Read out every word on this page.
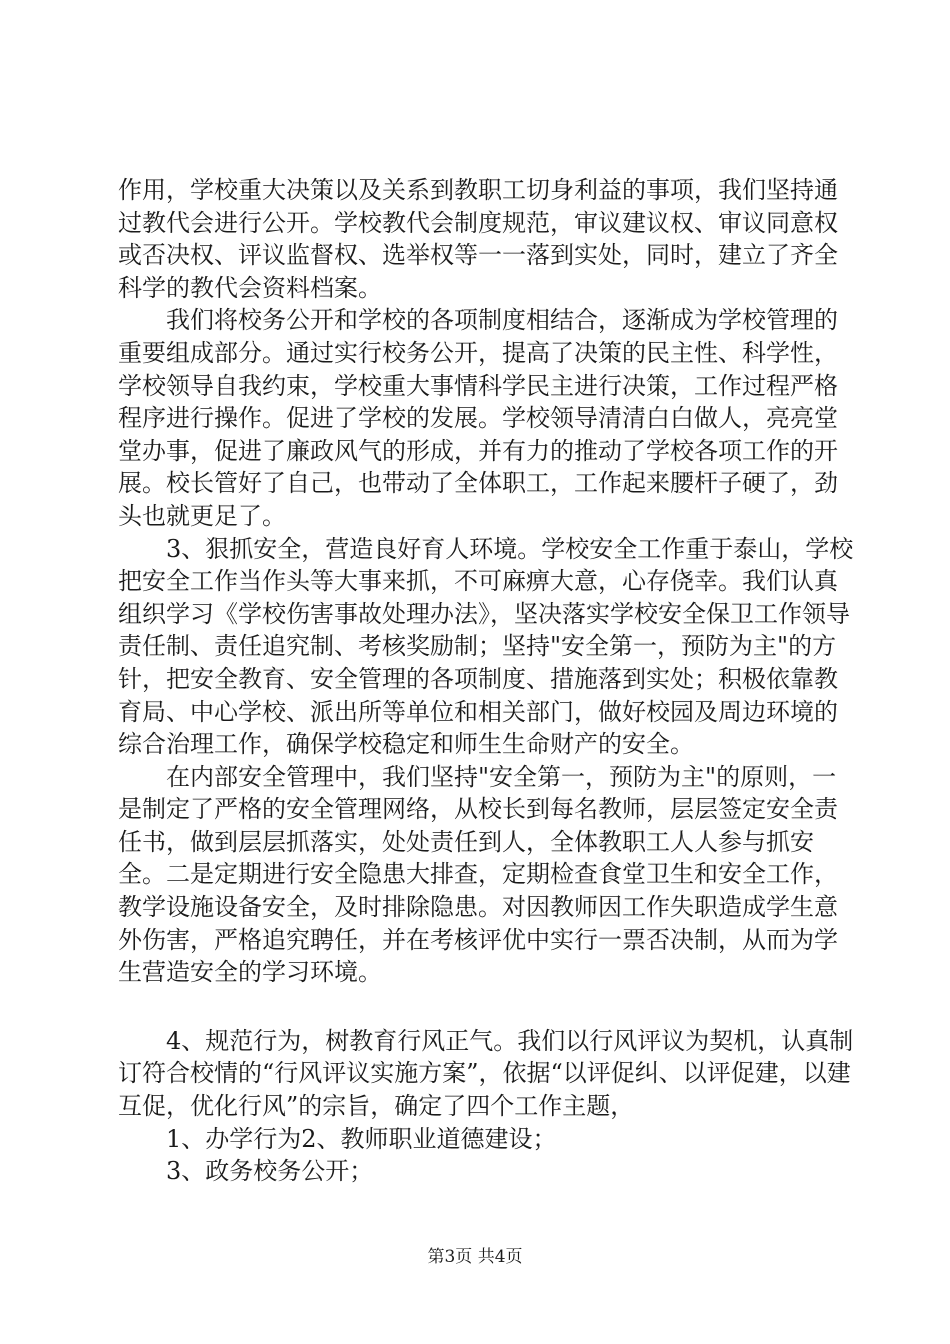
作用，学校重大决策以及关系到教职工切身利益的事项，我们坚持通过教代会进行公开。学校教代会制度规范，审议建议权、审议同意权或否决权、评议监督权、选举权等一一落到实处，同时，建立了齐全科学的教代会资料档案。

我们将校务公开和学校的各项制度相结合，逐渐成为学校管理的重要组成部分。通过实行校务公开，提高了决策的民主性、科学性，学校领导自我约束，学校重大事情科学民主进行决策，工作过程严格程序进行操作。促进了学校的发展。学校领导清清白白做人，亮亮堂堂办事，促进了廉政风气的形成，并有力的推动了学校各项工作的开展。校长管好了自己，也带动了全体职工，工作起来腰杆子硬了，劲头也就更足了。

3、狠抓安全，营造良好育人环境。学校安全工作重于泰山，学校把安全工作当作头等大事来抓，不可麻痹大意，心存侥幸。我们认真组织学习《学校伤害事故处理办法》，坚决落实学校安全保卫工作领导责任制、责任追究制、考核奖励制；坚持"安全第一，预防为主"的方针，把安全教育、安全管理的各项制度、措施落到实处；积极依靠教育局、中心学校、派出所等单位和相关部门，做好校园及周边环境的综合治理工作，确保学校稳定和师生生命财产的安全。

在内部安全管理中，我们坚持"安全第一，预防为主"的原则，一是制定了严格的安全管理网络，从校长到每名教师，层层签定安全责任书，做到层层抓落实，处处责任到人，全体教职工人人参与抓安全。二是定期进行安全隐患大排查，定期检查食堂卫生和安全工作，教学设施设备安全，及时排除隐患。对因教师因工作失职造成学生意外伤害，严格追究聘任，并在考核评优中实行一票否决制，从而为学生营造安全的学习环境。

4、规范行为，树教育行风正气。我们以行风评议为契机，认真制订符合校情的“行风评议实施方案”，依据“以评促纠、以评促建，以建互促，优化行风”的宗旨，确定了四个工作主题，

1、办学行为2、教师职业道德建设；

3、政务校务公开；

第3页 共4页
